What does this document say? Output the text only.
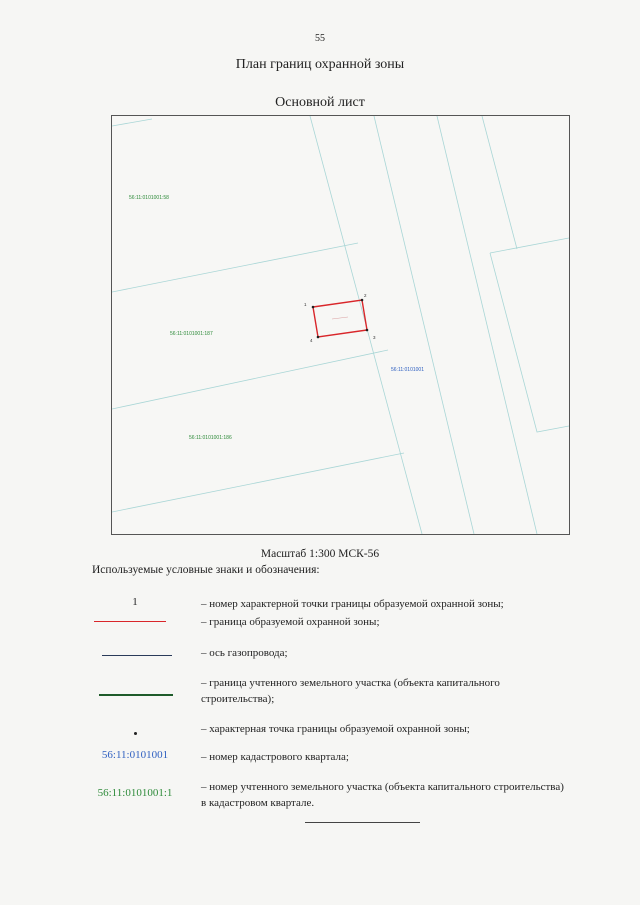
55
План границ охранной зоны
Основной лист
1
2
3
4
56:11:0101001:58
56:11:0101001:187
56:11:0101001:186
56:11:0101001
Масштаб 1:300 МСК-56
Используемые условные знаки и обозначения:
1	– номер характерной точки границы образуемой охранной зоны;
– граница образуемой охранной зоны;
– ось газопровода;
– граница учтенного земельного участка (объекта капитального строительства);
– характерная точка границы образуемой охранной зоны;
56:11:0101001	– номер кадастрового квартала;
56:11:0101001:1	– номер учтенного земельного участка (объекта капитального строительства) в кадастровом квартале.
